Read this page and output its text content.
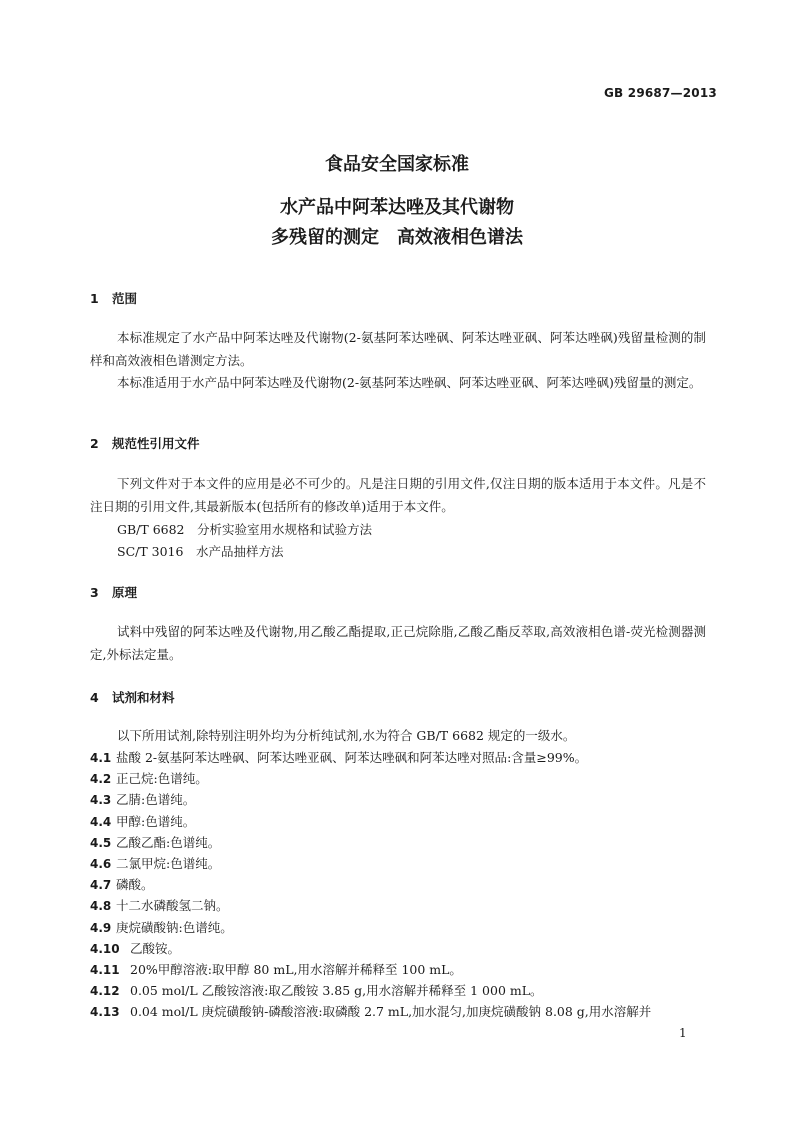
GB 29687—2013
食品安全国家标准
水产品中阿苯达唑及其代谢物
多残留的测定　高效液相色谱法
1 范围
本标准规定了水产品中阿苯达唑及代谢物(2-氨基阿苯达唑砜、阿苯达唑亚砜、阿苯达唑砜)残留量检测的制样和高效液相色谱测定方法。
本标准适用于水产品中阿苯达唑及代谢物(2-氨基阿苯达唑砜、阿苯达唑亚砜、阿苯达唑砜)残留量的测定。
2 规范性引用文件
下列文件对于本文件的应用是必不可少的。凡是注日期的引用文件,仅注日期的版本适用于本文件。凡是不注日期的引用文件,其最新版本(包括所有的修改单)适用于本文件。
GB/T 6682　分析实验室用水规格和试验方法
SC/T 3016　水产品抽样方法
3 原理
试料中残留的阿苯达唑及代谢物,用乙酸乙酯提取,正己烷除脂,乙酸乙酯反萃取,高效液相色谱-荧光检测器测定,外标法定量。
4 试剂和材料
以下所用试剂,除特别注明外均为分析纯试剂,水为符合 GB/T 6682 规定的一级水。
4.1 盐酸 2-氨基阿苯达唑砜、阿苯达唑亚砜、阿苯达唑砜和阿苯达唑对照品:含量≥99%。
4.2 正己烷:色谱纯。
4.3 乙腈:色谱纯。
4.4 甲醇:色谱纯。
4.5 乙酸乙酯:色谱纯。
4.6 二氯甲烷:色谱纯。
4.7 磷酸。
4.8 十二水磷酸氢二钠。
4.9 庚烷磺酸钠:色谱纯。
4.10 乙酸铵。
4.11 20%甲醇溶液:取甲醇 80 mL,用水溶解并稀释至 100 mL。
4.12 0.05 mol/L 乙酸铵溶液:取乙酸铵 3.85 g,用水溶解并稀释至 1 000 mL。
4.13 0.04 mol/L 庚烷磺酸钠-磷酸溶液:取磷酸 2.7 mL,加水混匀,加庚烷磺酸钠 8.08 g,用水溶解并
1
